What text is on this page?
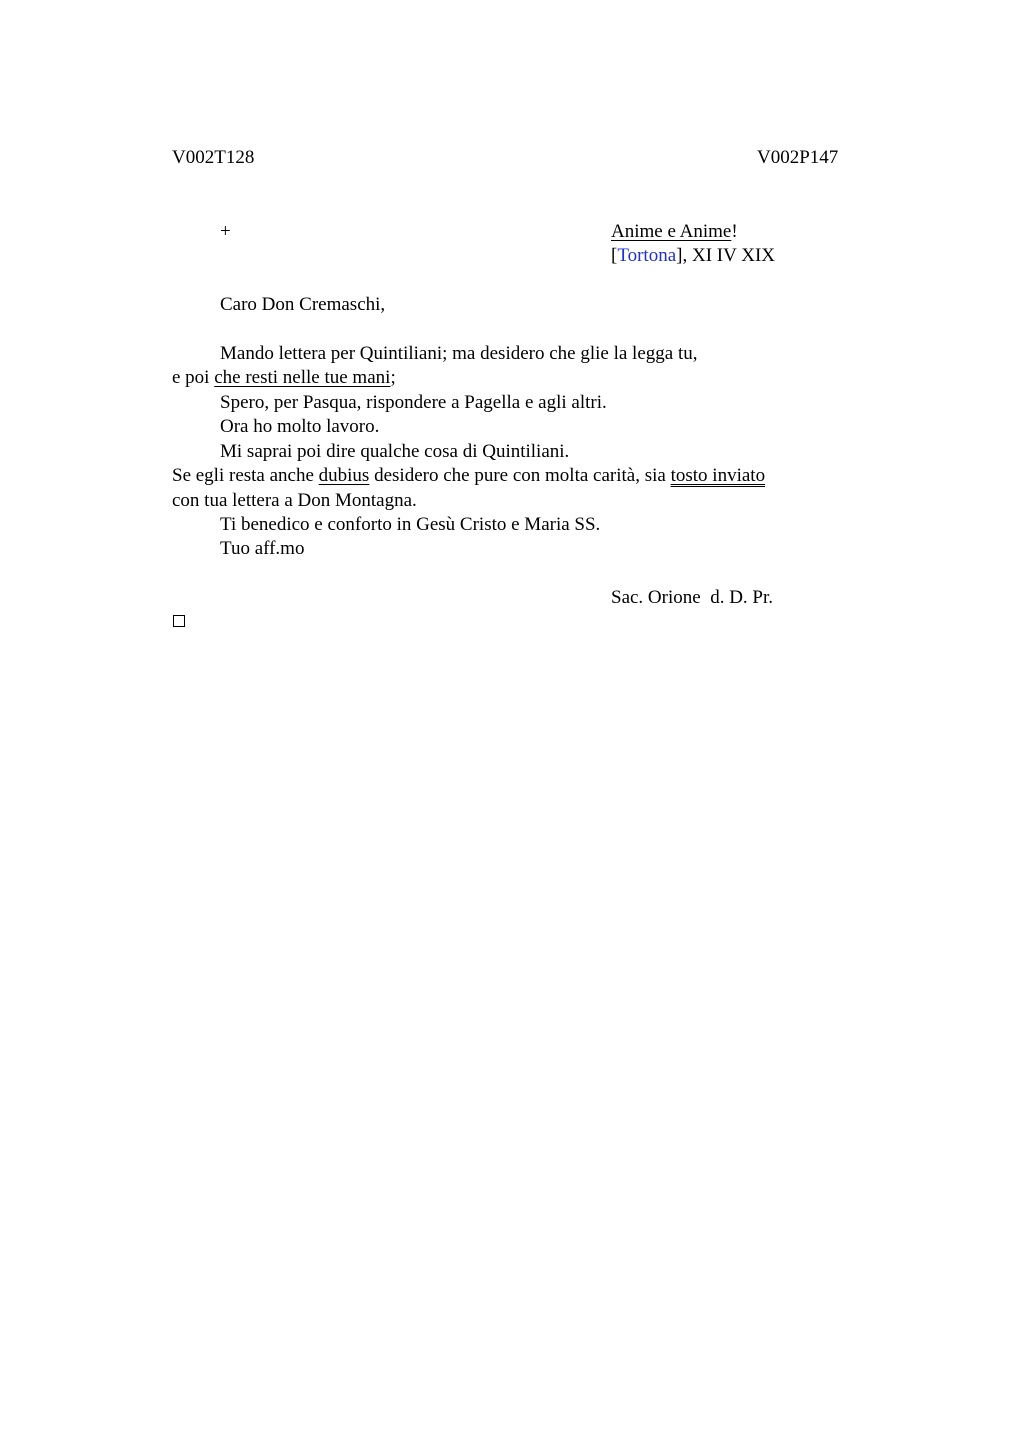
V002T128	V002P147
+	Anime e Anime!
[Tortona], XI IV XIX
Caro Don Cremaschi,
Mando lettera per Quintiliani; ma desidero che glie la legga tu,
e poi che resti nelle tue mani;
Spero, per Pasqua, rispondere a Pagella e agli altri.
Ora ho molto lavoro.
Mi saprai poi dire qualche cosa di Quintiliani.
Se egli resta anche dubius desidero che pure con molta carità, sia tosto inviato
con tua lettera a Don Montagna.
Ti benedico e conforto in Gesù Cristo e Maria SS.
Tuo aff.mo
Sac. Orione  d. D. Pr.
